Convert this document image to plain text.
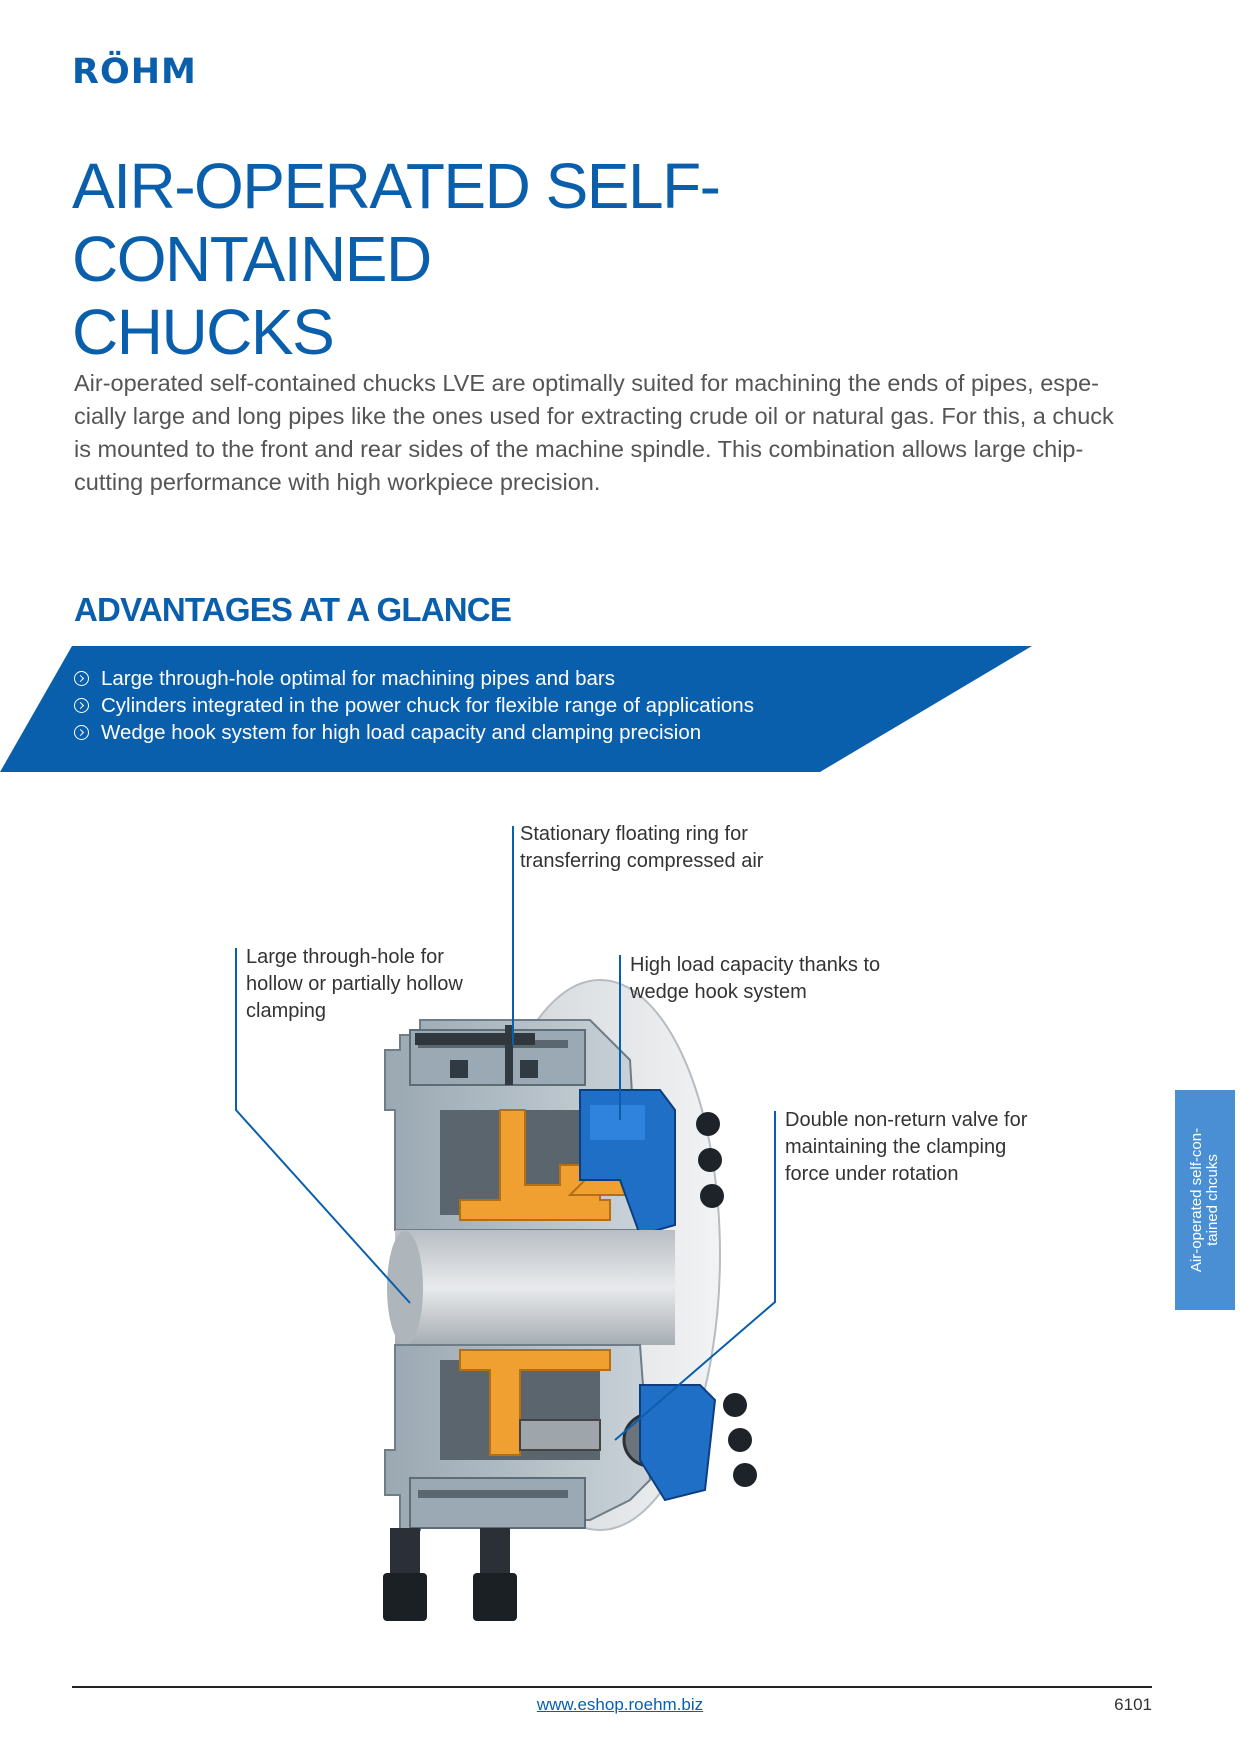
RÖHM
AIR-OPERATED SELF-CONTAINED
CHUCKS

Air-operated self-contained chucks LVE are optimally suited for machining the ends of pipes, espe-
cially large and long pipes like the ones used for extracting crude oil or natural gas. For this, a chuck
is mounted to the front and rear sides of the machine spindle. This combination allows large chip-
cutting performance with high workpiece precision.

ADVANTAGES AT A GLANCE
Large through-hole optimal for machining pipes and bars
Cylinders integrated in the power chuck for flexible range of applications
Wedge hook system for high load capacity and clamping precision
Stationary floating ring for
transferring compressed air
Large through-hole for
hollow or partially hollow
clamping
High load capacity thanks to
wedge hook system
Double non-return valve for
maintaining the clamping
force under rotation	Air-operated self-con-
tained chcuks
www.eshop.roehm.biz	6101
